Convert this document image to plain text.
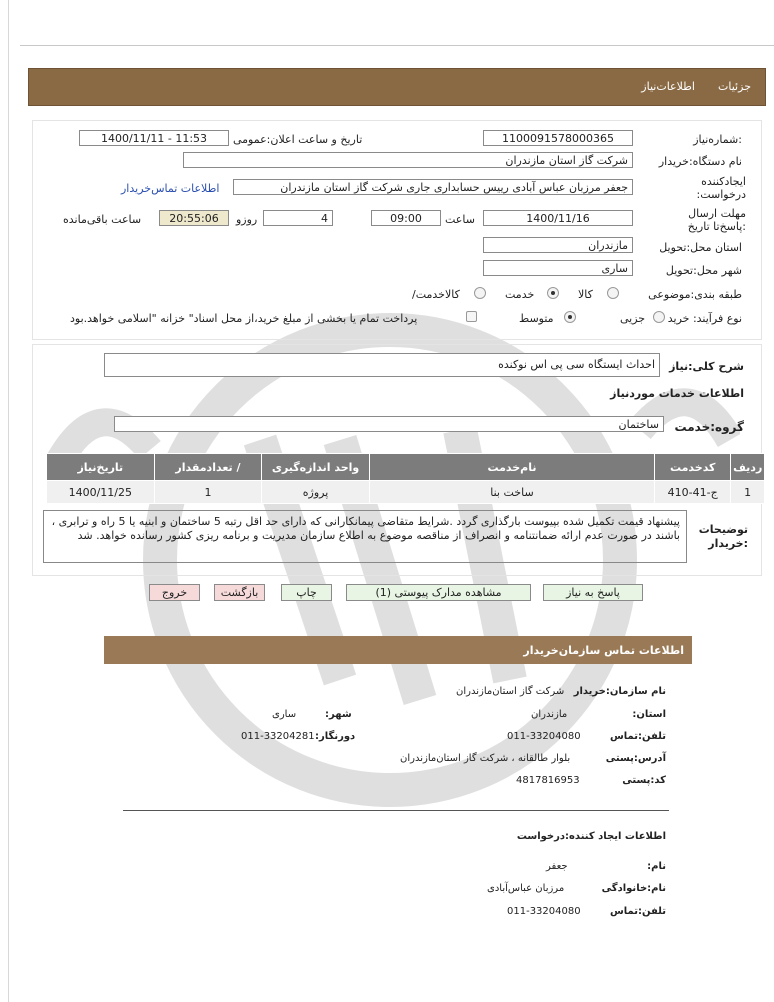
جزئیات
اطلاعات‌نیاز
شماره‌نیاز:
1100091578000365
تاریخ و ساعت اعلان:عمومی
1400/11/11 - 11:53
نام دستگاه:خریدار
شرکت گاز استان مازندران
ایجادکننده درخواست:
جعفر مرزبان عباس آبادی رییس حسابداری جاری شرکت گاز استان مازندران
اطلاعات تماس‌خریدار
مهلت ارسال :پاسخ‌تا تاریخ
1400/11/16
ساعت
09:00
4
روزو
20:55:06
ساعت باقی‌مانده
استان محل:تحویل
مازندران
شهر محل:تحویل
ساری
طبقه بندی:موضوعی
کالا
خدمت
/کالاخدمت
نوع فرآیند: خرید
جزیی
متوسط
پرداخت تمام یا بخشی از مبلغ خرید،از محل اسناد" خزانه "اسلامی خواهد.بود
شرح کلی:نیاز
احداث ایستگاه سی پی اس نوکنده
اطلاعات خدمات موردنیاز
گروه:خدمت
ساختمان
ردیف	کدخدمت	نام‌خدمت	واحد اندازه‌گیری	/ تعدادمقدار	تاریخ‌نیاز
1	ج-41-410	ساخت بنا	پروژه	1	1400/11/25
توضیحات :خریدار
پیشنهاد قیمت تکمیل شده بپیوست بارگذاری گردد .شرایط متقاضی پیمانکارانی که دارای حد اقل رتبه 5 ساختمان و ابنیه یا 5 راه و ترابری ، باشند در صورت عدم ارائه ضمانتنامه و انصراف از مناقصه موضوع به اطلاع سازمان مدیریت و برنامه ریزی کشور رسانده خواهد. شد
پاسخ به نیاز
مشاهده مدارک پیوستی (1)
چاپ
بازگشت
خروج
اطلاعات تماس سازمان‌خریدار
نام سازمان:خریدار
شرکت گاز استان‌مازندران
:استان
مازندران
:شهر
ساری
تلفن:تماس
011-33204080
:دورنگار
011-33204281
آدرس:پستی
بلوار طالقانه ، شرکت گاز استان‌مازندران
کد:پستی
4817816953
اطلاعات ایجاد کننده:درخواست
:نام
جعفر
نام:خانوادگی
مرزبان عباس‌آبادی
تلفن:تماس
011-33204080
